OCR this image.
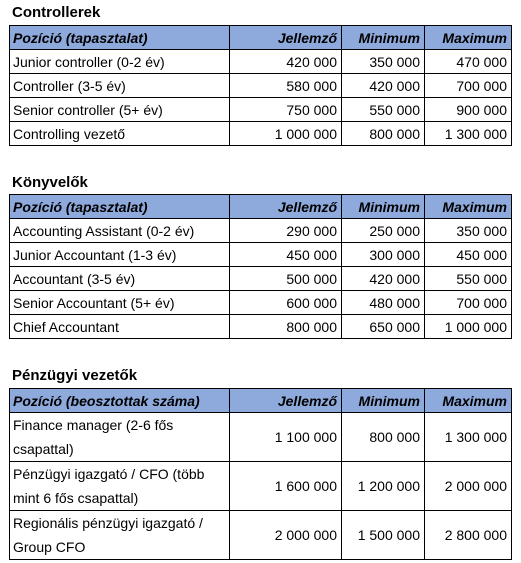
Controllerek
Pozíció (tapasztalat)	Jellemző	Minimum	Maximum
Junior controller (0-2 év)	420 000	350 000	470 000
Controller (3-5 év)	580 000	420 000	700 000
Senior controller (5+ év)	750 000	550 000	900 000
Controlling vezető	1 000 000	800 000	1 300 000
Könyvelők
Pozíció (tapasztalat)	Jellemző	Minimum	Maximum
Accounting Assistant (0-2 év)	290 000	250 000	350 000
Junior Accountant (1-3 év)	450 000	300 000	450 000
Accountant (3-5 év)	500 000	420 000	550 000
Senior Accountant (5+ év)	600 000	480 000	700 000
Chief Accountant	800 000	650 000	1 000 000
Pénzügyi vezetők
Pozíció (beosztottak száma)	Jellemző	Minimum	Maximum
Finance manager (2-6 fős csapattal)	1 100 000	800 000	1 300 000
Pénzügyi igazgató / CFO (több mint 6 fős csapattal)	1 600 000	1 200 000	2 000 000
Regionális pénzügyi igazgató / Group CFO	2 000 000	1 500 000	2 800 000
